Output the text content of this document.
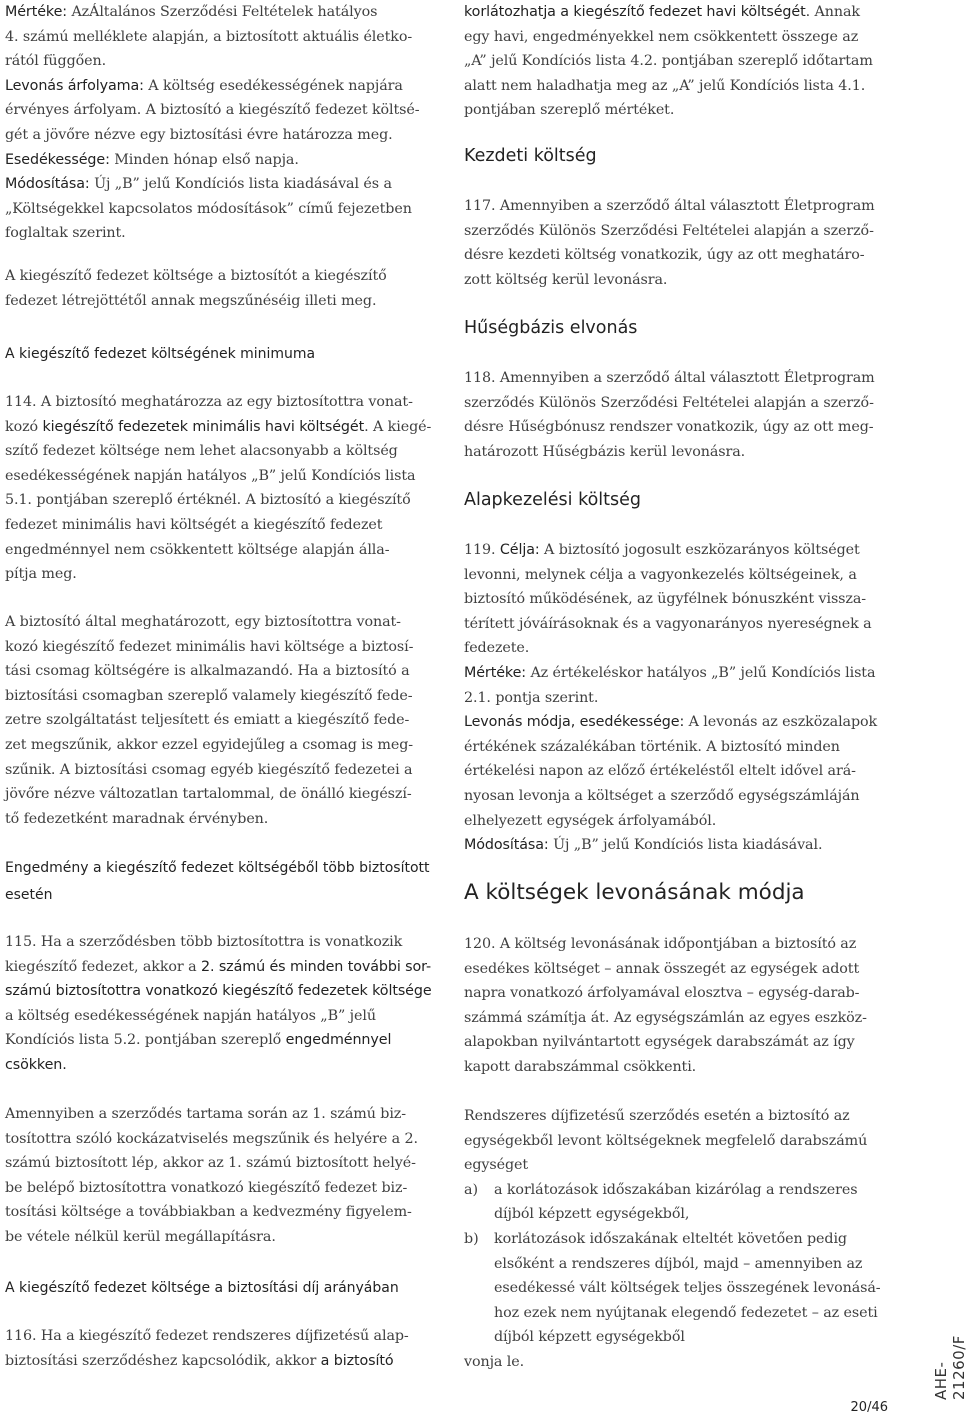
Mértéke: AzÁltalános Szerződési Feltételek hatályos
4. számú melléklete alapján, a biztosított aktuális életko-
rától függően.
Levonás árfolyama: A költség esedékességének napjára
érvényes árfolyam. A biztosító a kiegészítő fedezet költsé-
gét a jövőre nézve egy biztosítási évre határozza meg.
Esedékessége: Minden hónap első napja.
Módosítása: Új „B” jelű Kondíciós lista kiadásával és a
„Költségekkel kapcsolatos módosítások” című fejezetben
foglaltak szerint.
A kiegészítő fedezet költsége a biztosítót a kiegészítő
fedezet létrejöttétől annak megszűnéséig illeti meg.
A kiegészítő fedezet költségének minimuma
114. A biztosító meghatározza az egy biztosítottra vonat-
kozó kiegészítő fedezetek minimális havi költségét. A kiegé-
szítő fedezet költsége nem lehet alacsonyabb a költség
esedékességének napján hatályos „B” jelű Kondíciós lista
5.1. pontjában szereplő értéknél. A biztosító a kiegészítő
fedezet minimális havi költségét a kiegészítő fedezet
engedménnyel nem csökkentett költsége alapján álla-
pítja meg.
A biztosító által meghatározott, egy biztosítottra vonat-
kozó kiegészítő fedezet minimális havi költsége a biztosí-
tási csomag költségére is alkalmazandó. Ha a biztosító a
biztosítási csomagban szereplő valamely kiegészítő fede-
zetre szolgáltatást teljesített és emiatt a kiegészítő fede-
zet megszűnik, akkor ezzel egyidejűleg a csomag is meg-
szűnik. A biztosítási csomag egyéb kiegészítő fedezetei a
jövőre nézve változatlan tartalommal, de önálló kiegészí-
tő fedezetként maradnak érvényben.
Engedmény a kiegészítő fedezet költségéből több biztosított
esetén
115. Ha a szerződésben több biztosítottra is vonatkozik
kiegészítő fedezet, akkor a 2. számú és minden további sor-
számú biztosítottra vonatkozó kiegészítő fedezetek költsége
a költség esedékességének napján hatályos „B” jelű
Kondíciós lista 5.2. pontjában szereplő engedménnyel
csökken.
Amennyiben a szerződés tartama során az 1. számú biz-
tosítottra szóló kockázatviselés megszűnik és helyére a 2.
számú biztosított lép, akkor az 1. számú biztosított helyé-
be belépő biztosítottra vonatkozó kiegészítő fedezet biz-
tosítási költsége a továbbiakban a kedvezmény figyelem-
be vétele nélkül kerül megállapításra.
A kiegészítő fedezet költsége a biztosítási díj arányában
116. Ha a kiegészítő fedezet rendszeres díjfizetésű alap-
biztosítási szerződéshez kapcsolódik, akkor a biztosító
korlátozhatja a kiegészítő fedezet havi költségét. Annak
egy havi, engedményekkel nem csökkentett összege az
„A” jelű Kondíciós lista 4.2. pontjában szereplő időtartam
alatt nem haladhatja meg az „A” jelű Kondíciós lista 4.1.
pontjában szereplő mértéket.
Kezdeti költség
117. Amennyiben a szerződő által választott Életprogram
szerződés Különös Szerződési Feltételei alapján a szerző-
désre kezdeti költség vonatkozik, úgy az ott meghatáro-
zott költség kerül levonásra.
Hűségbázis elvonás
118. Amennyiben a szerződő által választott Életprogram
szerződés Különös Szerződési Feltételei alapján a szerző-
désre Hűségbónusz rendszer vonatkozik, úgy az ott meg-
határozott Hűségbázis kerül levonásra.
Alapkezelési költség
119. Célja: A biztosító jogosult eszközarányos költséget
levonni, melynek célja a vagyonkezelés költségeinek, a
biztosító működésének, az ügyfélnek bónuszként vissza-
térített jóváírásoknak és a vagyonarányos nyereségnek a
fedezete.
Mértéke: Az értékeléskor hatályos „B” jelű Kondíciós lista
2.1. pontja szerint.
Levonás módja, esedékessége: A levonás az eszközalapok
értékének százalékában történik. A biztosító minden
értékelési napon az előző értékeléstől eltelt idővel ará-
nyosan levonja a költséget a szerződő egységszámláján
elhelyezett egységek árfolyamából.
Módosítása: Új „B” jelű Kondíciós lista kiadásával.
A költségek levonásának módja
120. A költség levonásának időpontjában a biztosító az
esedékes költséget – annak összegét az egységek adott
napra vonatkozó árfolyamával elosztva – egység-darab-
számmá számítja át. Az egységszámlán az egyes eszköz-
alapokban nyilvántartott egységek darabszámát az így
kapott darabszámmal csökkenti.
Rendszeres díjfizetésű szerződés esetén a biztosító az
egységekből levont költségeknek megfelelő darabszámú
egységet
a) a korlátozások időszakában kizárólag a rendszeres
díjból képzett egységekből,
b) korlátozások időszakának elteltét követően pedig
elsőként a rendszeres díjból, majd – amennyiben az
esedékessé vált költségek teljes összegének levonásá-
hoz ezek nem nyújtanak elegendő fedezetet – az eseti
díjból képzett egységekből
vonja le.	AHE-21260/F
20/46
